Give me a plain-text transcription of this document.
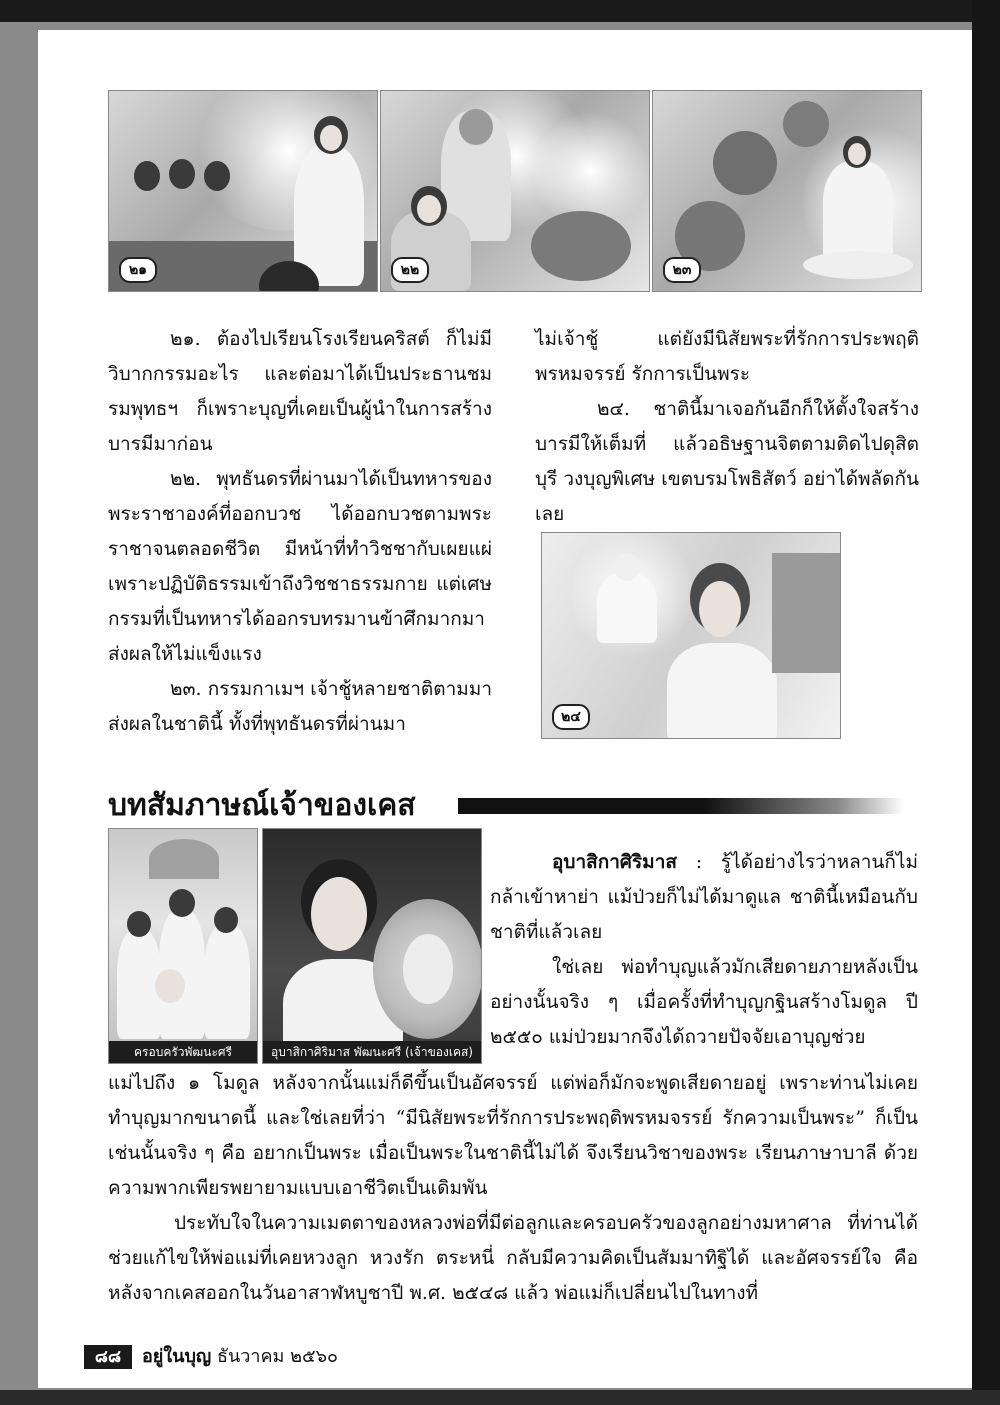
๒๑	๒๒	๒๓

๒๑. ต้องไปเรียนโรงเรียนคริสต์ ก็ไม่มีวิบากกรรมอะไร และต่อมาได้เป็นประธานชมรมพุทธฯ ก็เพราะบุญที่เคยเป็นผู้นำในการสร้างบารมีมาก่อน

๒๒. พุทธันดรที่ผ่านมาได้เป็นทหารของพระราชาองค์ที่ออกบวช ได้ออกบวชตามพระราชาจนตลอดชีวิต มีหน้าที่ทำวิชชากับเผยแผ่ เพราะปฏิบัติธรรมเข้าถึงวิชชาธรรมกาย แต่เศษกรรมที่เป็นทหารได้ออกรบทรมานข้าศึกมากมาส่งผลให้ไม่แข็งแรง

๒๓. กรรมกาเมฯ เจ้าชู้หลายชาติตามมาส่งผลในชาตินี้ ทั้งที่พุทธันดรที่ผ่านมา

ไม่เจ้าชู้ แต่ยังมีนิสัยพระที่รักการประพฤติพรหมจรรย์ รักการเป็นพระ

๒๔. ชาตินี้มาเจอกันอีกก็ให้ตั้งใจสร้างบารมีให้เต็มที่ แล้วอธิษฐานจิตตามติดไปดุสิตบุรี วงบุญพิเศษ เขตบรมโพธิสัตว์ อย่าได้พลัดกันเลย

๒๔
บทสัมภาษณ์เจ้าของเคส
ครอบครัวพัฒนะศรี	อุบาสิกาศิริมาส พัฒนะศรี (เจ้าของเคส)

อุบาสิกาศิริมาส : รู้ได้อย่างไรว่าหลานก็ไม่กล้าเข้าหาย่า แม้ป่วยก็ไม่ได้มาดูแล ชาตินี้เหมือนกับชาติที่แล้วเลย

ใช่เลย พ่อทำบุญแล้วมักเสียดายภายหลังเป็นอย่างนั้นจริง ๆ เมื่อครั้งที่ทำบุญกฐินสร้างโมดูล ปี ๒๕๕๐ แม่ป่วยมากจึงได้ถวายปัจจัยเอาบุญช่วย

แม่ไปถึง ๑ โมดูล หลังจากนั้นแม่ก็ดีขึ้นเป็นอัศจรรย์ แต่พ่อก็มักจะพูดเสียดายอยู่ เพราะท่านไม่เคยทำบุญมากขนาดนี้ และใช่เลยที่ว่า “มีนิสัยพระที่รักการประพฤติพรหมจรรย์ รักความเป็นพระ” ก็เป็นเช่นนั้นจริง ๆ คือ อยากเป็นพระ เมื่อเป็นพระในชาตินี้ไม่ได้ จึงเรียนวิชาของพระ เรียนภาษาบาลี ด้วยความพากเพียรพยายามแบบเอาชีวิตเป็นเดิมพัน

ประทับใจในความเมตตาของหลวงพ่อที่มีต่อลูกและครอบครัวของลูกอย่างมหาศาล ที่ท่านได้ช่วยแก้ไขให้พ่อแม่ที่เคยหวงลูก หวงรัก ตระหนี่ กลับมีความคิดเป็นสัมมาทิฐิได้ และอัศจรรย์ใจ คือ หลังจากเคสออกในวันอาสาฬหบูชาปี พ.ศ. ๒๕๔๘ แล้ว พ่อแม่ก็เปลี่ยนไปในทางที่

๘๘	อยู่ในบุญ ธันวาคม ๒๕๖๐
